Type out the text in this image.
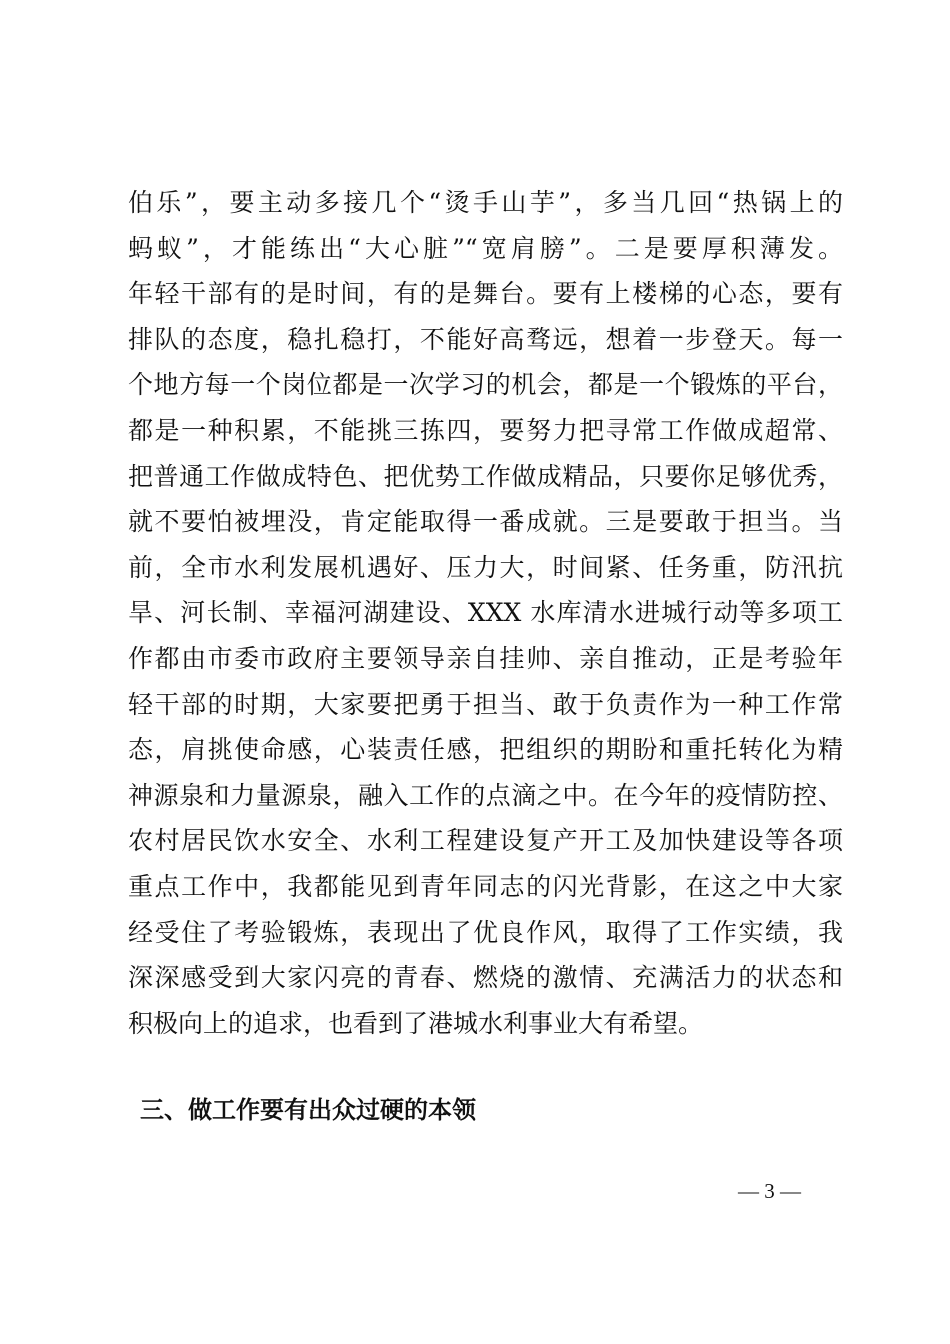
伯乐”，要主动多接几个“烫手山芋”，多当几回“热锅上的
蚂蚁”，才能练出“大心脏”“宽肩膀”。二是要厚积薄发。
年轻干部有的是时间，有的是舞台。要有上楼梯的心态，要有
排队的态度，稳扎稳打，不能好高骛远，想着一步登天。每一
个地方每一个岗位都是一次学习的机会，都是一个锻炼的平台，
都是一种积累，不能挑三拣四，要努力把寻常工作做成超常、
把普通工作做成特色、把优势工作做成精品，只要你足够优秀，
就不要怕被埋没，肯定能取得一番成就。三是要敢于担当。当
前，全市水利发展机遇好、压力大，时间紧、任务重，防汛抗
旱、河长制、幸福河湖建设、XXX 水库清水进城行动等多项工
作都由市委市政府主要领导亲自挂帅、亲自推动，正是考验年
轻干部的时期，大家要把勇于担当、敢于负责作为一种工作常
态，肩挑使命感，心装责任感，把组织的期盼和重托转化为精
神源泉和力量源泉，融入工作的点滴之中。在今年的疫情防控、
农村居民饮水安全、水利工程建设复产开工及加快建设等各项
重点工作中，我都能见到青年同志的闪光背影，在这之中大家
经受住了考验锻炼，表现出了优良作风，取得了工作实绩，我
深深感受到大家闪亮的青春、燃烧的激情、充满活力的状态和
积极向上的追求，也看到了港城水利事业大有希望。
三、做工作要有出众过硬的本领
— 3 —
